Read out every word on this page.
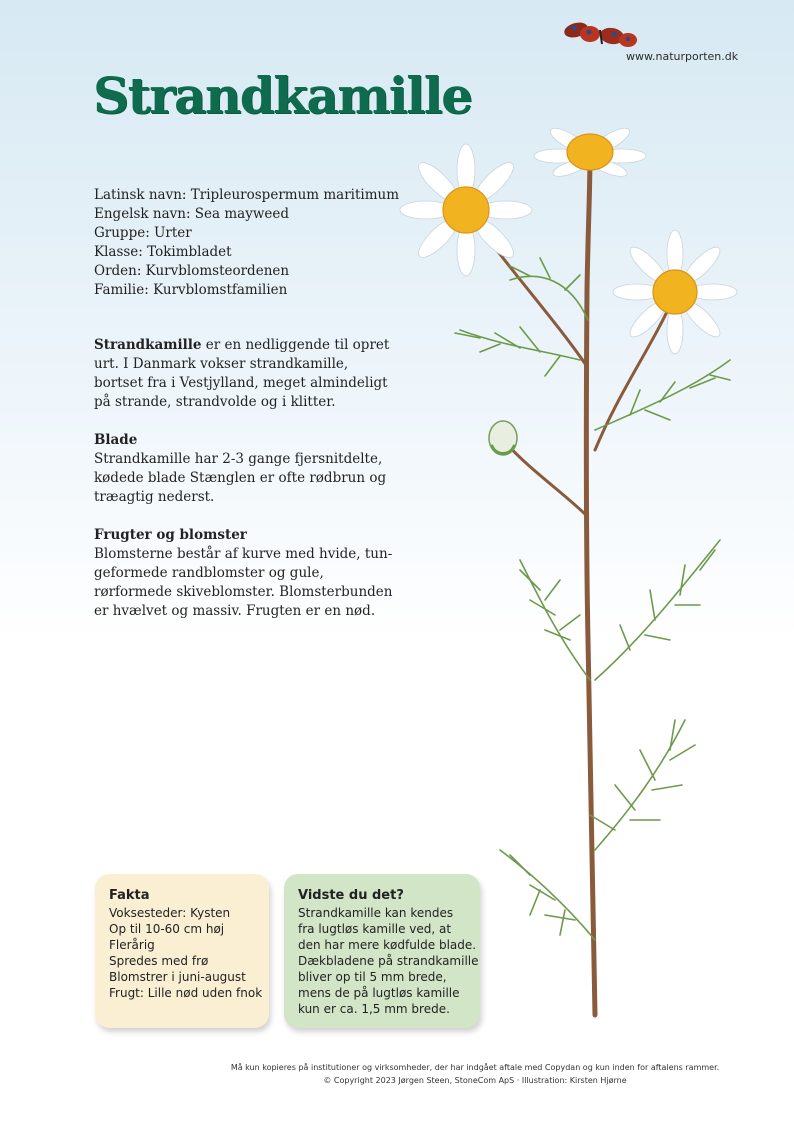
www.naturporten.dk
Strandkamille
Latinsk navn: Tripleurospermum maritimum
Engelsk navn: Sea mayweed
Gruppe: Urter
Klasse: Tokimbladet
Orden: Kurvblomsteordenen
Familie: Kurvblomstfamilien

Strandkamille er en nedliggende til opret urt. I Danmark vokser strandkamille, bortset fra i Vestjylland, meget almindeligt på strande, strandvolde og i klitter.

Blade

Strandkamille har 2-3 gange fjersnitdelte, kødede blade Stænglen er ofte rødbrun og træagtig nederst.

Frugter og blomster

Blomsterne består af kurve med hvide, tungeformede randblomster og gule, rørformede skiveblomster. Blomsterbunden er hvælvet og massiv. Frugten er en nød.

Fakta
Voksesteder: Kysten
Op til 10-60 cm høj
Flerårig
Spredes med frø
Blomstrer i juni-august
Frugt: Lille nød uden fnok
Vidste du det?
Strandkamille kan kendes
fra lugtløs kamille ved, at
den har mere kødfulde blade.
Dækbladene på strandkamille
bliver op til 5 mm brede,
mens de på lugtløs kamille
kun er ca. 1,5 mm brede.
Må kun kopieres på institutioner og virksomheder, der har indgået aftale med Copydan og kun inden for aftalens rammer.
© Copyright 2023 Jørgen Steen, StoneCom ApS · Illustration: Kirsten Hjørne
